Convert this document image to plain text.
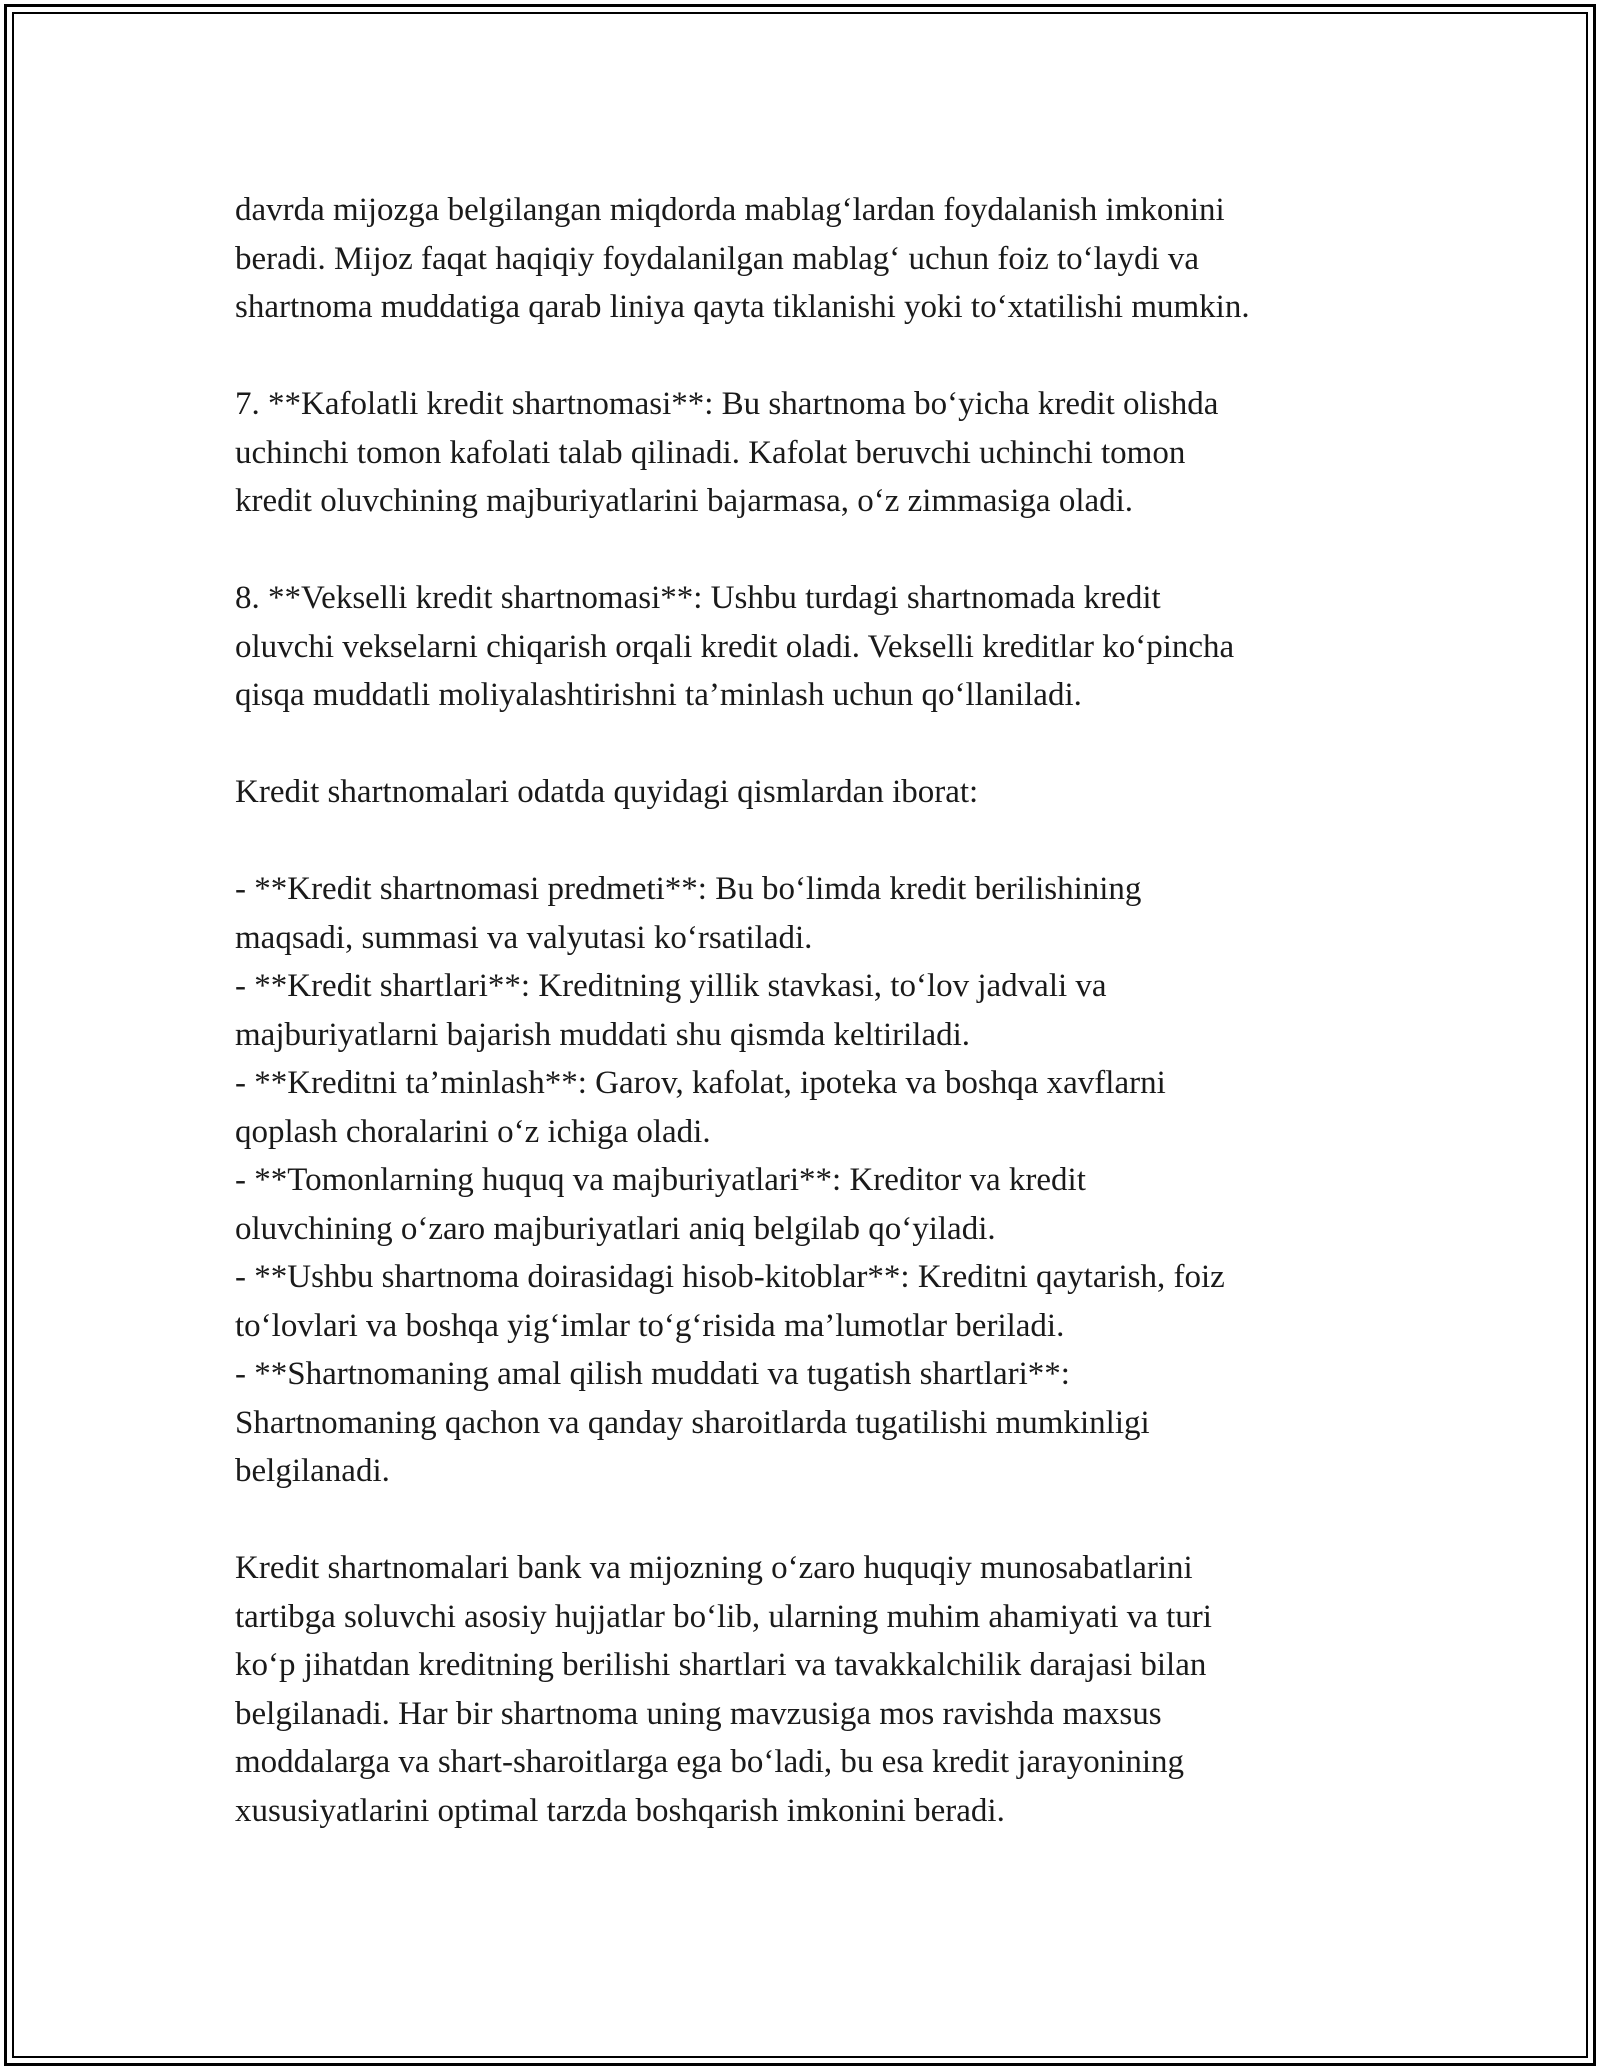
davrda mijozga belgilangan miqdorda mablag‘lardan foydalanish imkonini
beradi. Mijoz faqat haqiqiy foydalanilgan mablag‘ uchun foiz to‘laydi va
shartnoma muddatiga qarab liniya qayta tiklanishi yoki to‘xtatilishi mumkin.

7. **Kafolatli kredit shartnomasi**: Bu shartnoma bo‘yicha kredit olishda
uchinchi tomon kafolati talab qilinadi. Kafolat beruvchi uchinchi tomon
kredit oluvchining majburiyatlarini bajarmasa, o‘z zimmasiga oladi.

8. **Vekselli kredit shartnomasi**: Ushbu turdagi shartnomada kredit
oluvchi vekselarni chiqarish orqali kredit oladi. Vekselli kreditlar ko‘pincha
qisqa muddatli moliyalashtirishni ta’minlash uchun qo‘llaniladi.

Kredit shartnomalari odatda quyidagi qismlardan iborat:

- **Kredit shartnomasi predmeti**: Bu bo‘limda kredit berilishining
maqsadi, summasi va valyutasi ko‘rsatiladi.
- **Kredit shartlari**: Kreditning yillik stavkasi, to‘lov jadvali va
majburiyatlarni bajarish muddati shu qismda keltiriladi.
- **Kreditni ta’minlash**: Garov, kafolat, ipoteka va boshqa xavflarni
qoplash choralarini o‘z ichiga oladi.
- **Tomonlarning huquq va majburiyatlari**: Kreditor va kredit
oluvchining o‘zaro majburiyatlari aniq belgilab qo‘yiladi.
- **Ushbu shartnoma doirasidagi hisob-kitoblar**: Kreditni qaytarish, foiz
to‘lovlari va boshqa yig‘imlar to‘g‘risida ma’lumotlar beriladi.
- **Shartnomaning amal qilish muddati va tugatish shartlari**:
Shartnomaning qachon va qanday sharoitlarda tugatilishi mumkinligi
belgilanadi.

Kredit shartnomalari bank va mijozning o‘zaro huquqiy munosabatlarini
tartibga soluvchi asosiy hujjatlar bo‘lib, ularning muhim ahamiyati va turi
ko‘p jihatdan kreditning berilishi shartlari va tavakkalchilik darajasi bilan
belgilanadi. Har bir shartnoma uning mavzusiga mos ravishda maxsus
moddalarga va shart-sharoitlarga ega bo‘ladi, bu esa kredit jarayonining
xususiyatlarini optimal tarzda boshqarish imkonini beradi.
